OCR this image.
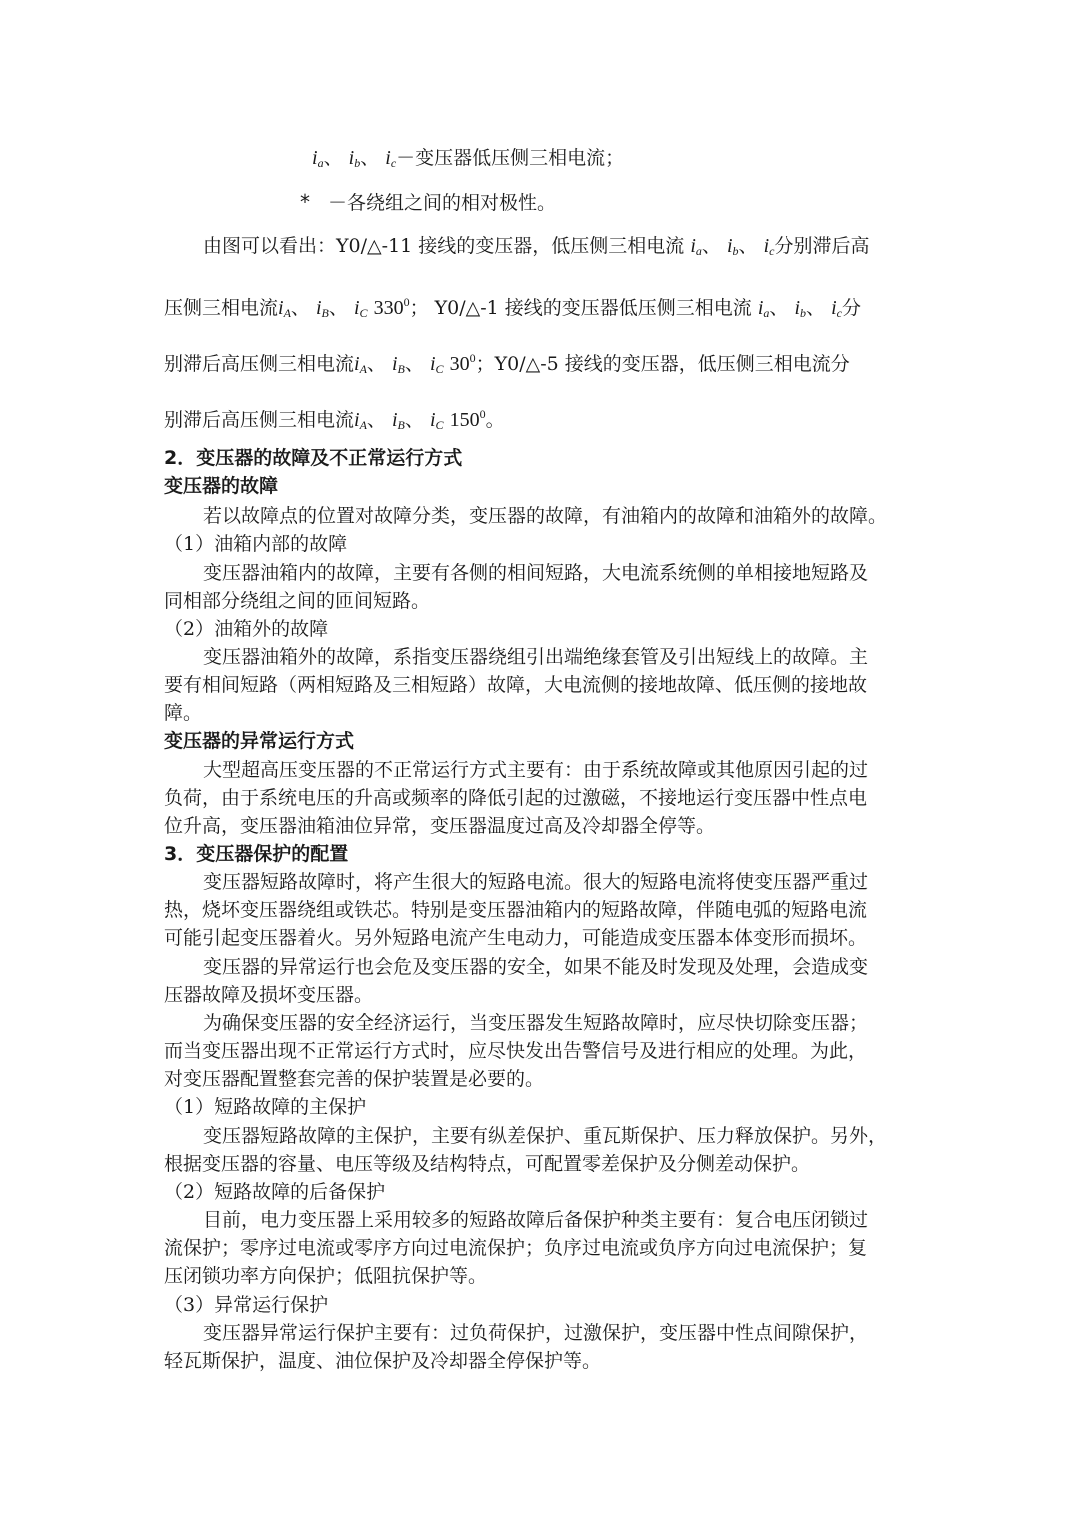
$i_a$、 $i_b$、 $i_c-$变压器低压侧三相电流；
* －各绕组之间的相对极性。
由图可以看出：Y0/△-11 接线的变压器，低压侧三相电流 $i_a$、 $i_b$、 $i_c$分别滞后高
压侧三相电流$i_A$、 $i_B$、 $i_C$ $330^0$； Y0/△-1 接线的变压器低压侧三相电流 $i_a$、 $i_b$、 $i_c$分
别滞后高压侧三相电流$i_A$、 $i_B$、 $i_C$ $30^0$；Y0/△-5 接线的变压器，低压侧三相电流分
别滞后高压侧三相电流$i_A$、 $i_B$、 $i_C$ $150^0$。
2．变压器的故障及不正常运行方式
变压器的故障
若以故障点的位置对故障分类，变压器的故障，有油箱内的故障和油箱外的故障。
（1）油箱内部的故障
变压器油箱内的故障，主要有各侧的相间短路，大电流系统侧的单相接地短路及
同相部分绕组之间的匝间短路。
（2）油箱外的故障
变压器油箱外的故障，系指变压器绕组引出端绝缘套管及引出短线上的故障。主
要有相间短路（两相短路及三相短路）故障，大电流侧的接地故障、低压侧的接地故
障。
变压器的异常运行方式
大型超高压变压器的不正常运行方式主要有：由于系统故障或其他原因引起的过
负荷，由于系统电压的升高或频率的降低引起的过激磁，不接地运行变压器中性点电
位升高，变压器油箱油位异常，变压器温度过高及冷却器全停等。
3．变压器保护的配置
变压器短路故障时，将产生很大的短路电流。很大的短路电流将使变压器严重过
热，烧坏变压器绕组或铁芯。特别是变压器油箱内的短路故障，伴随电弧的短路电流
可能引起变压器着火。另外短路电流产生电动力，可能造成变压器本体变形而损坏。
变压器的异常运行也会危及变压器的安全，如果不能及时发现及处理，会造成变
压器故障及损坏变压器。
为确保变压器的安全经济运行，当变压器发生短路故障时，应尽快切除变压器；
而当变压器出现不正常运行方式时，应尽快发出告警信号及进行相应的处理。为此，
对变压器配置整套完善的保护装置是必要的。
（1）短路故障的主保护
变压器短路故障的主保护，主要有纵差保护、重瓦斯保护、压力释放保护。另外，
根据变压器的容量、电压等级及结构特点，可配置零差保护及分侧差动保护。
（2）短路故障的后备保护
目前，电力变压器上采用较多的短路故障后备保护种类主要有：复合电压闭锁过
流保护；零序过电流或零序方向过电流保护；负序过电流或负序方向过电流保护；复
压闭锁功率方向保护；低阻抗保护等。
（3）异常运行保护
变压器异常运行保护主要有：过负荷保护，过激保护，变压器中性点间隙保护，
轻瓦斯保护，温度、油位保护及冷却器全停保护等。
